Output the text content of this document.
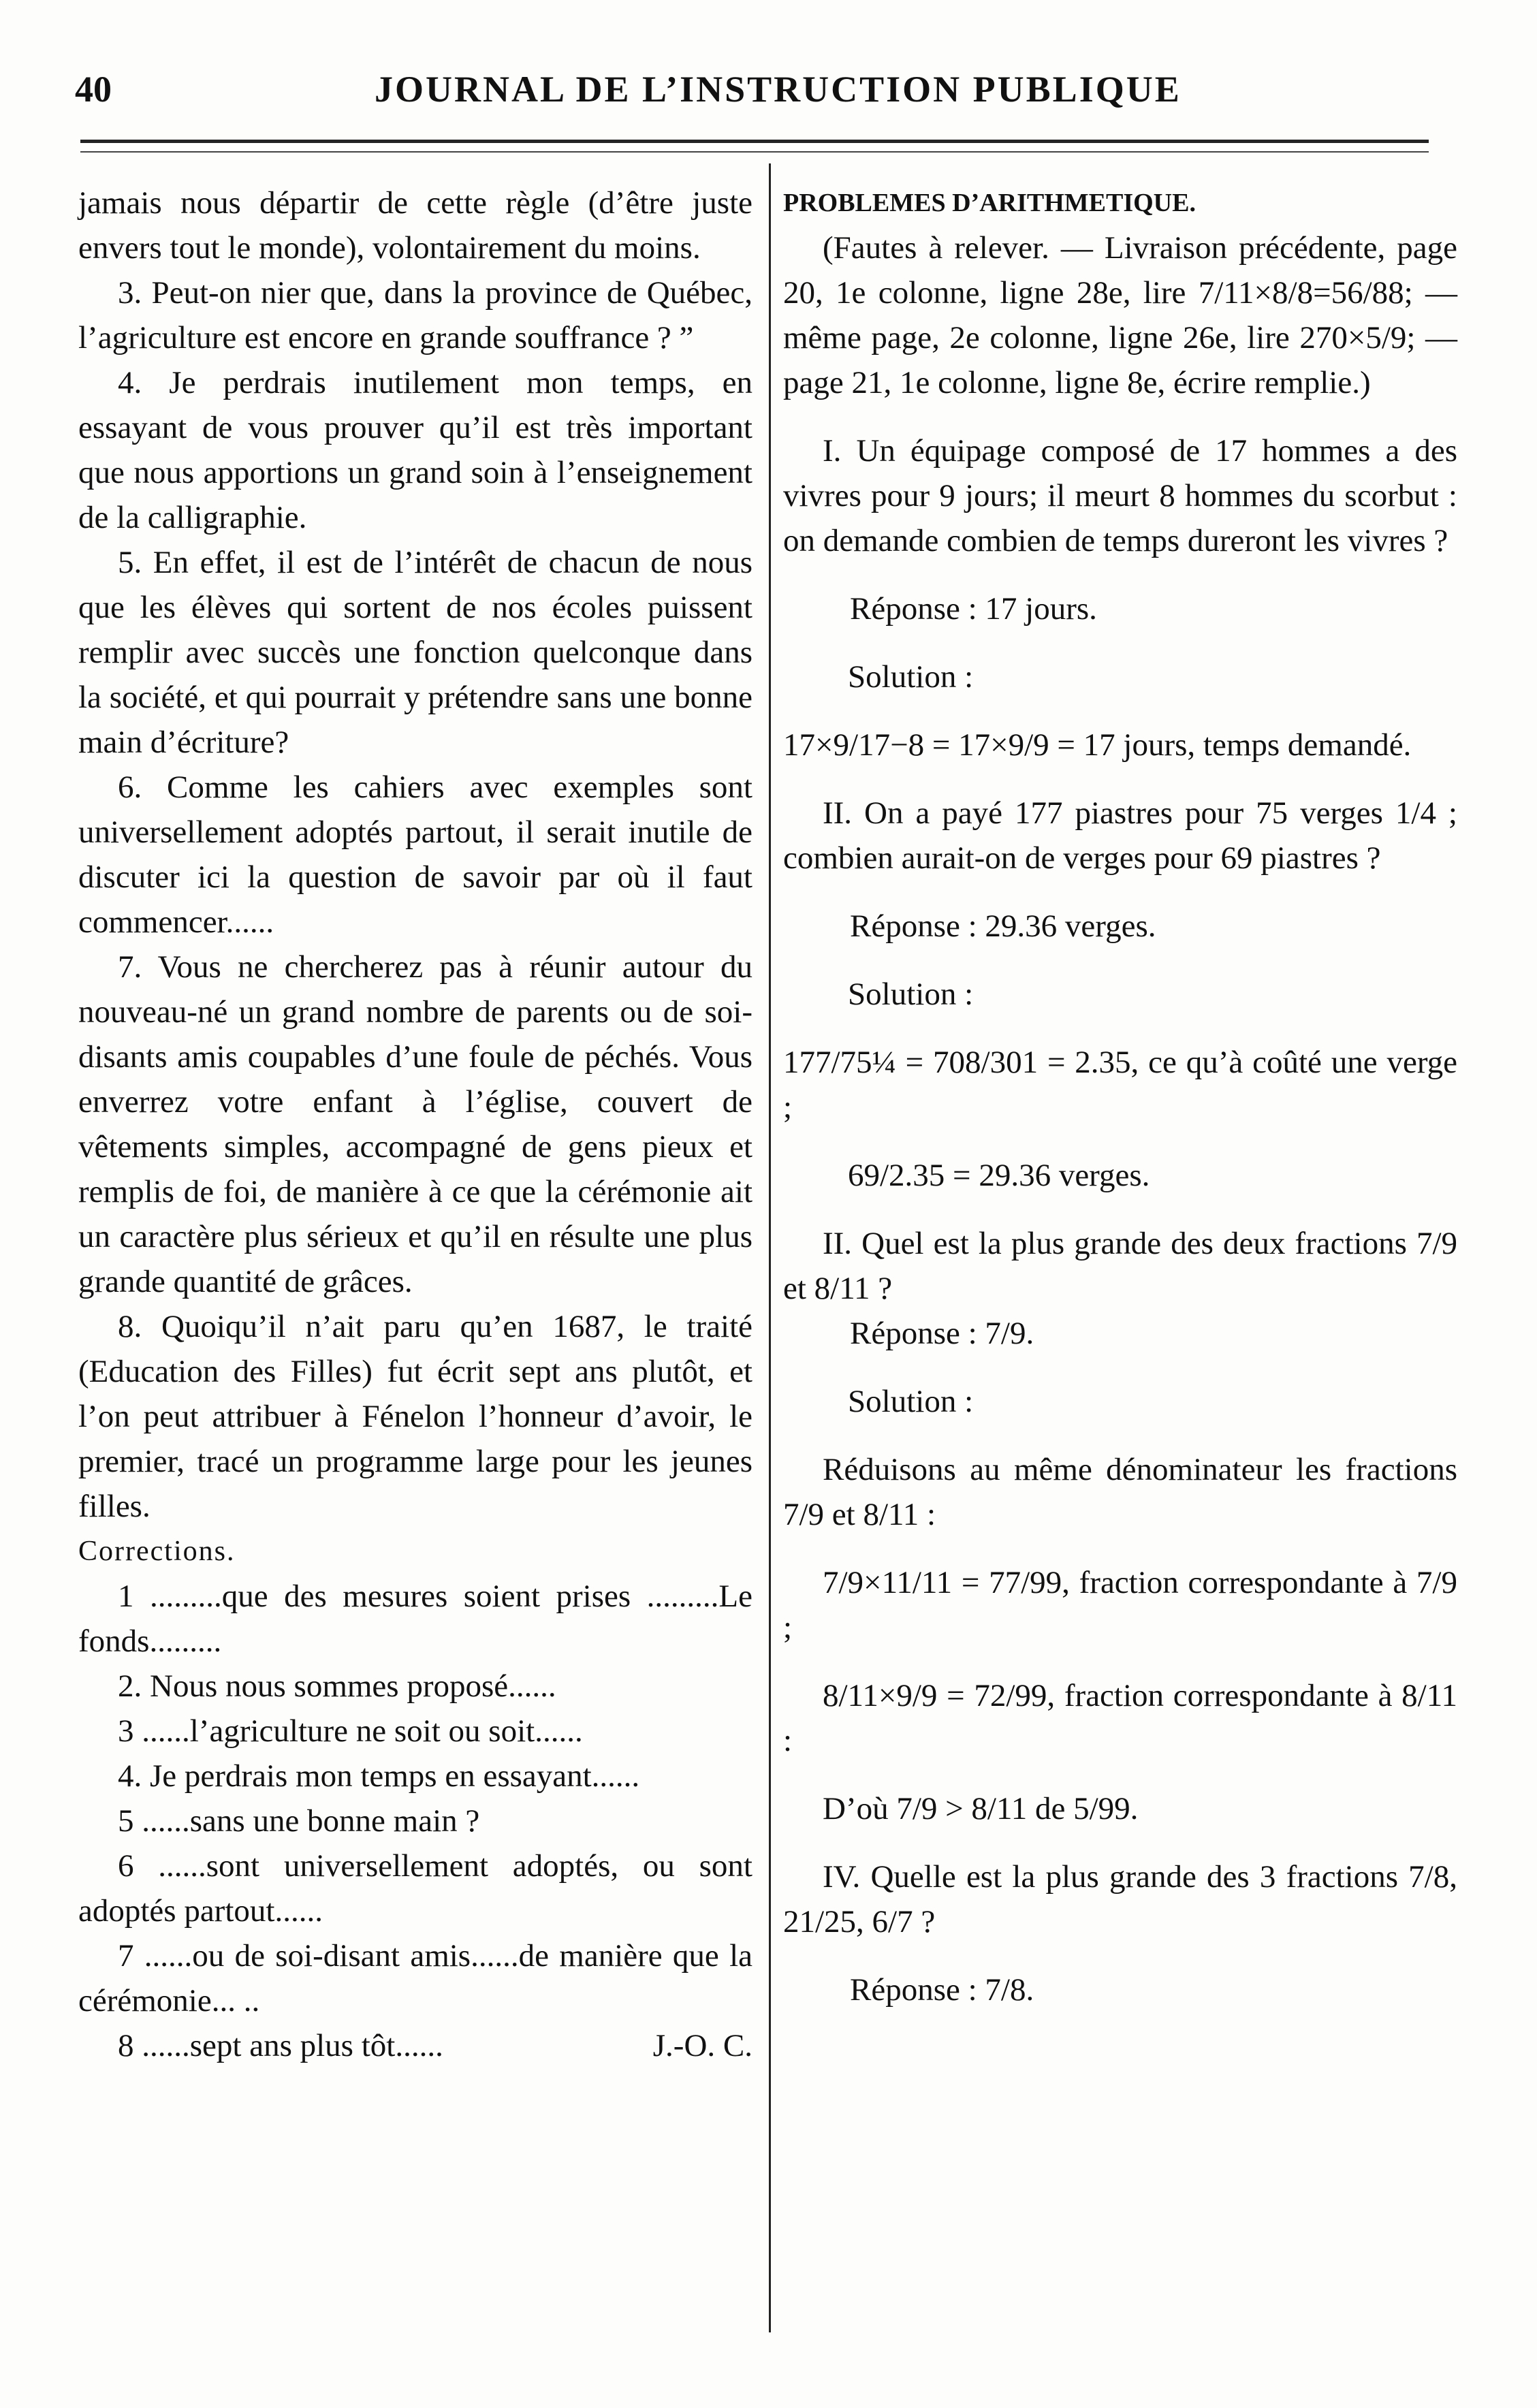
40	JOURNAL DE L’INSTRUCTION PUBLIQUE

jamais nous départir de cette règle (d’être juste envers tout le monde), volontairement du moins.

3. Peut-on nier que, dans la province de Québec, l’agriculture est encore en grande souffrance ? ”

4. Je perdrais inutilement mon temps, en essayant de vous prouver qu’il est très important que nous apportions un grand soin à l’enseignement de la calligraphie.

5. En effet, il est de l’intérêt de chacun de nous que les élèves qui sortent de nos écoles puissent remplir avec succès une fonction quelconque dans la société, et qui pourrait y prétendre sans une bonne main d’écriture?

6. Comme les cahiers avec exemples sont universellement adoptés partout, il serait inutile de discuter ici la question de savoir par où il faut commencer......

7. Vous ne chercherez pas à réunir autour du nouveau-né un grand nombre de parents ou de soi-disants amis coupables d’une foule de péchés. Vous enverrez votre enfant à l’église, couvert de vêtements simples, accompagné de gens pieux et remplis de foi, de manière à ce que la cérémonie ait un caractère plus sérieux et qu’il en résulte une plus grande quantité de grâces.

8. Quoiqu’il n’ait paru qu’en 1687, le traité (Education des Filles) fut écrit sept ans plutôt, et l’on peut attribuer à Fénelon l’honneur d’avoir, le premier, tracé un programme large pour les jeunes filles.

Corrections.

1 .........que des mesures soient prises .........Le fonds.........

2. Nous nous sommes proposé......

3 ......l’agriculture ne soit ou soit......

4. Je perdrais mon temps en essayant......

5 ......sans une bonne main ?

6 ......sont universellement adoptés, ou sont adoptés partout......

7 ......ou de soi-disant amis......de manière que la cérémonie... ..

8 ......sept ans plus tôt......	J.-O. C.

PROBLEMES D’ARITHMETIQUE.

(Fautes à relever. — Livraison précédente, page 20, 1e colonne, ligne 28e, lire 7/11×8/8=56/88; — même page, 2e colonne, ligne 26e, lire 270×5/9; — page 21, 1e colonne, ligne 8e, écrire remplie.)

I. Un équipage composé de 17 hommes a des vivres pour 9 jours; il meurt 8 hommes du scorbut : on demande combien de temps dureront les vivres ?

Réponse : 17 jours.

Solution :

17×9/17−8 = 17×9/9 = 17 jours, temps demandé.

II. On a payé 177 piastres pour 75 verges 1/4 ; combien aurait-on de verges pour 69 piastres ?

Réponse : 29.36 verges.

Solution :

177/75¼ = 708/301 = 2.35, ce qu’à coûté une verge ;

69/2.35 = 29.36 verges.

II. Quel est la plus grande des deux fractions 7/9 et 8/11 ?

Réponse : 7/9.

Solution :

Réduisons au même dénominateur les fractions 7/9 et 8/11 :

7/9×11/11 = 77/99, fraction correspondante à 7/9 ;

8/11×9/9 = 72/99, fraction correspondante à 8/11 :

D’où 7/9 > 8/11 de 5/99.

IV. Quelle est la plus grande des 3 fractions 7/8, 21/25, 6/7 ?

Réponse : 7/8.
